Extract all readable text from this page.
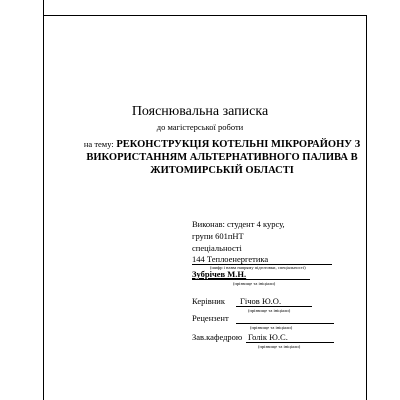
Пояснювальна записка
до магістерської роботи
на тему: РЕКОНСТРУКЦІЯ КОТЕЛЬНІ МІКРОРАЙОНУ З
ВИКОРИСТАННЯМ АЛЬТЕРНАТИВНОГО ПАЛИВА В
ЖИТОМИРСЬКІЙ ОБЛАСТІ
Виконав: студент 4 курсу,
групи 601пНТ
спеціальності
144 Теплоенергетика
(шифр і назва напряму підготовки, спеціальності)
Зубрічев М.Н.
(прізвище та ініціали)
Керівник Гічов Ю.О.
(прізвище та ініціали)
Рецензент
(прізвище та ініціали)
Зав.кафедрою Голік Ю.С.
(прізвище та ініціали)
